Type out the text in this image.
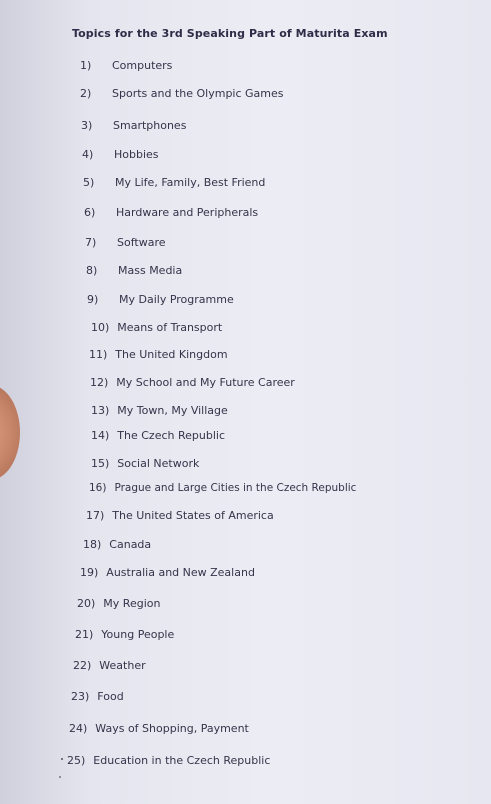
Topics for the 3rd Speaking Part of Maturita Exam
1) Computers
2) Sports and the Olympic Games
3) Smartphones
4) Hobbies
5) My Life, Family, Best Friend
6) Hardware and Peripherals
7) Software
8) Mass Media
9) My Daily Programme
10) Means of Transport
11) The United Kingdom
12) My School and My Future Career
13) My Town, My Village
14) The Czech Republic
15) Social Network
16) Prague and Large Cities in the Czech Republic
17) The United States of America
18) Canada
19) Australia and New Zealand
20) My Region
21) Young People
22) Weather
23) Food
24) Ways of Shopping, Payment
25) Education in the Czech Republic
